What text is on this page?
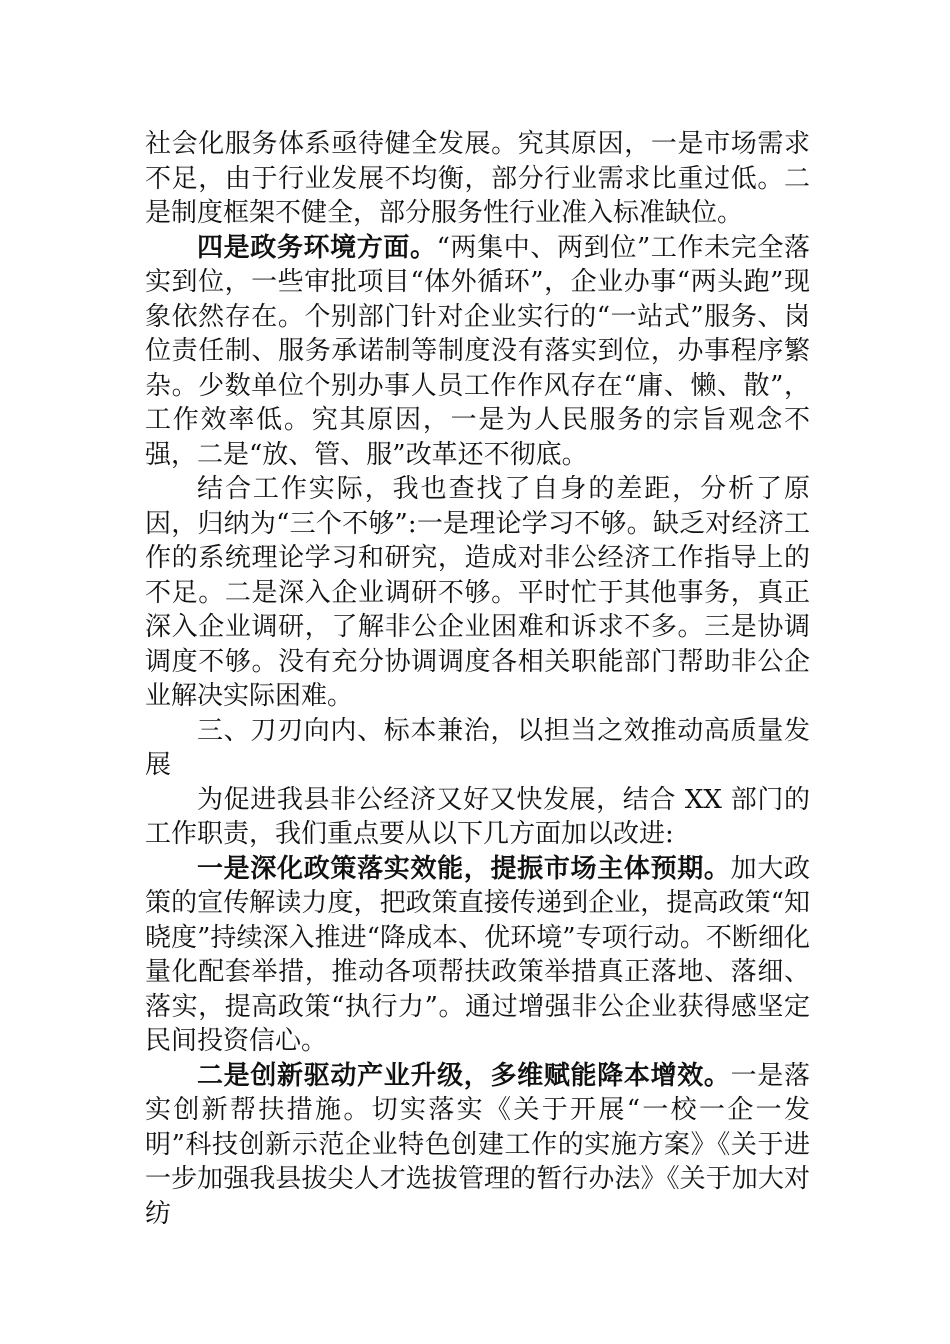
社会化服务体系亟待健全发展。究其原因，一是市场需求不足，由于行业发展不均衡，部分行业需求比重过低。二是制度框架不健全，部分服务性行业准入标准缺位。

四是政务环境方面。“两集中、两到位”工作未完全落实到位，一些审批项目“体外循环”，企业办事“两头跑”现象依然存在。个别部门针对企业实行的“一站式”服务、岗位责任制、服务承诺制等制度没有落实到位，办事程序繁杂。少数单位个别办事人员工作作风存在“庸、懒、散”，工作效率低。究其原因，一是为人民服务的宗旨观念不强，二是“放、管、服”改革还不彻底。

结合工作实际，我也查找了自身的差距，分析了原因，归纳为“三个不够”:一是理论学习不够。缺乏对经济工作的系统理论学习和研究，造成对非公经济工作指导上的不足。二是深入企业调研不够。平时忙于其他事务，真正深入企业调研，了解非公企业困难和诉求不多。三是协调调度不够。没有充分协调调度各相关职能部门帮助非公企业解决实际困难。

三、刀刃向内、标本兼治，以担当之效推动高质量发展

为促进我县非公经济又好又快发展，结合 XX 部门的工作职责，我们重点要从以下几方面加以改进:

一是深化政策落实效能，提振市场主体预期。加大政策的宣传解读力度，把政策直接传递到企业，提高政策“知晓度”持续深入推进“降成本、优环境”专项行动。不断细化量化配套举措，推动各项帮扶政策举措真正落地、落细、落实，提高政策“执行力”。通过增强非公企业获得感坚定民间投资信心。

二是创新驱动产业升级，多维赋能降本增效。一是落实创新帮扶措施。切实落实《关于开展“一校一企一发明”科技创新示范企业特色创建工作的实施方案》《关于进一步加强我县拔尖人才选拔管理的暂行办法》《关于加大对纺
